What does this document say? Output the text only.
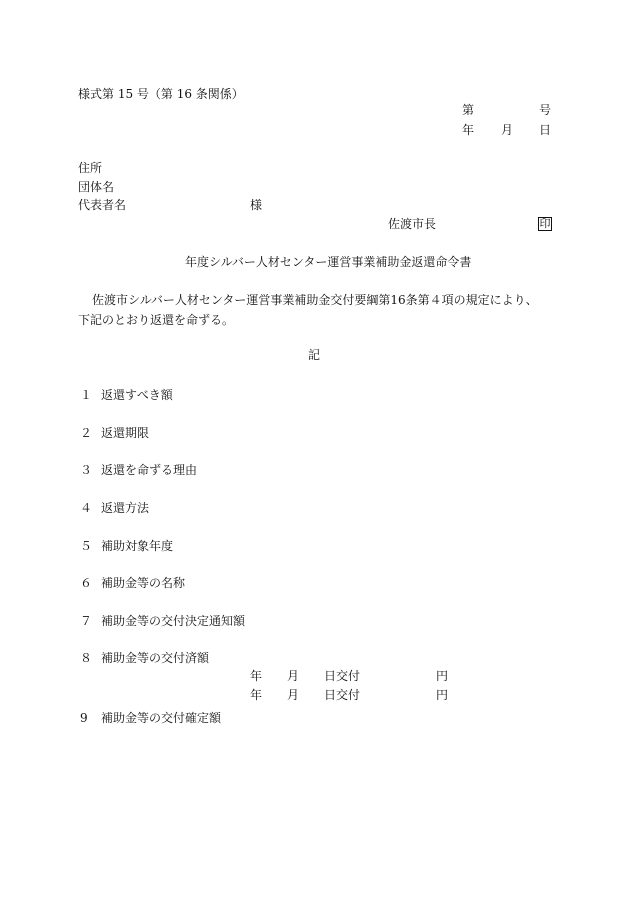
様式第 15 号（第 16 条関係）
第	号
年 月 日
住所
団体名
代表者名	様
佐渡市長	印
年度シルバー人材センター運営事業補助金返還命令書
佐渡市シルバー人材センター運営事業補助金交付要綱第16条第４項の規定により、
下記のとおり返還を命ずる。
記
１ 返還すべき額
２ 返還期限
３ 返還を命ずる理由
４ 返還方法
５ 補助対象年度
６ 補助金等の名称
７ 補助金等の交付決定通知額
８ 補助金等の交付済額
年 月 日交付	円
年 月 日交付	円
9 補助金等の交付確定額
